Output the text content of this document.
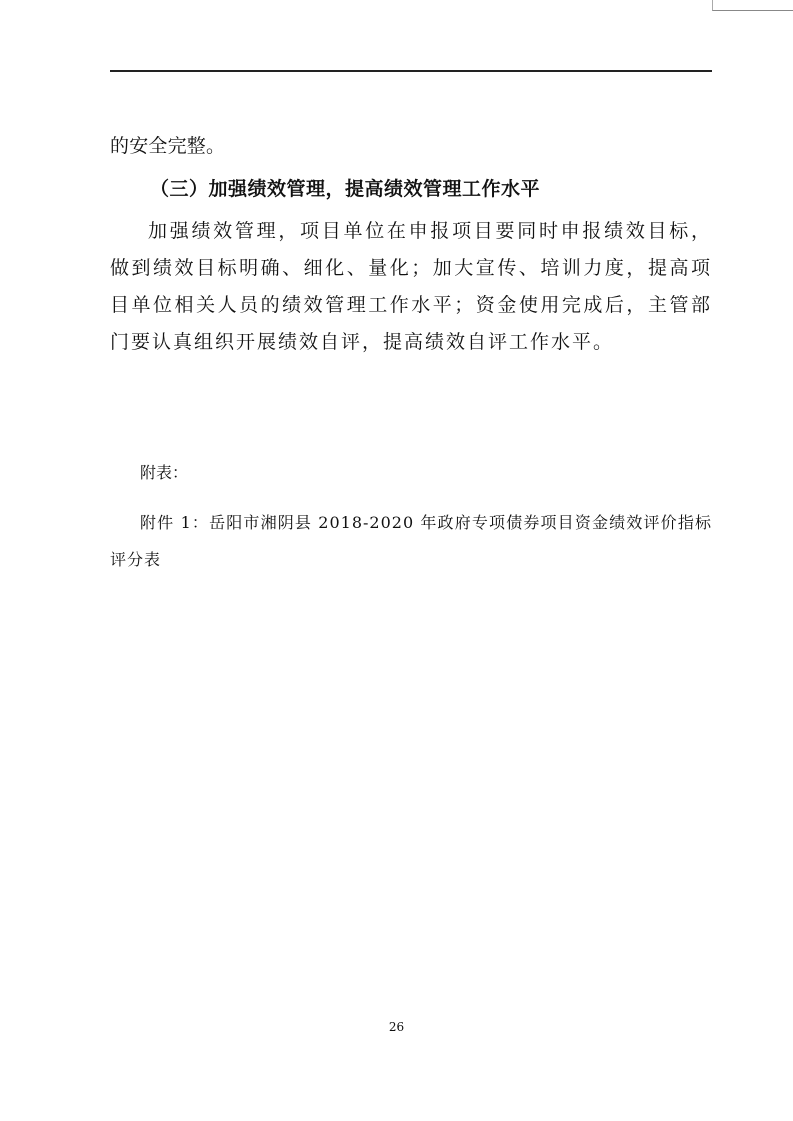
的安全完整。
（三）加强绩效管理，提高绩效管理工作水平

加强绩效管理，项目单位在申报项目要同时申报绩效目标，做到绩效目标明确、细化、量化；加大宣传、培训力度，提高项目单位相关人员的绩效管理工作水平；资金使用完成后，主管部门要认真组织开展绩效自评，提高绩效自评工作水平。

附表：

附件 1：岳阳市湘阴县 2018-2020 年政府专项债券项目资金绩效评价指标评分表

26
